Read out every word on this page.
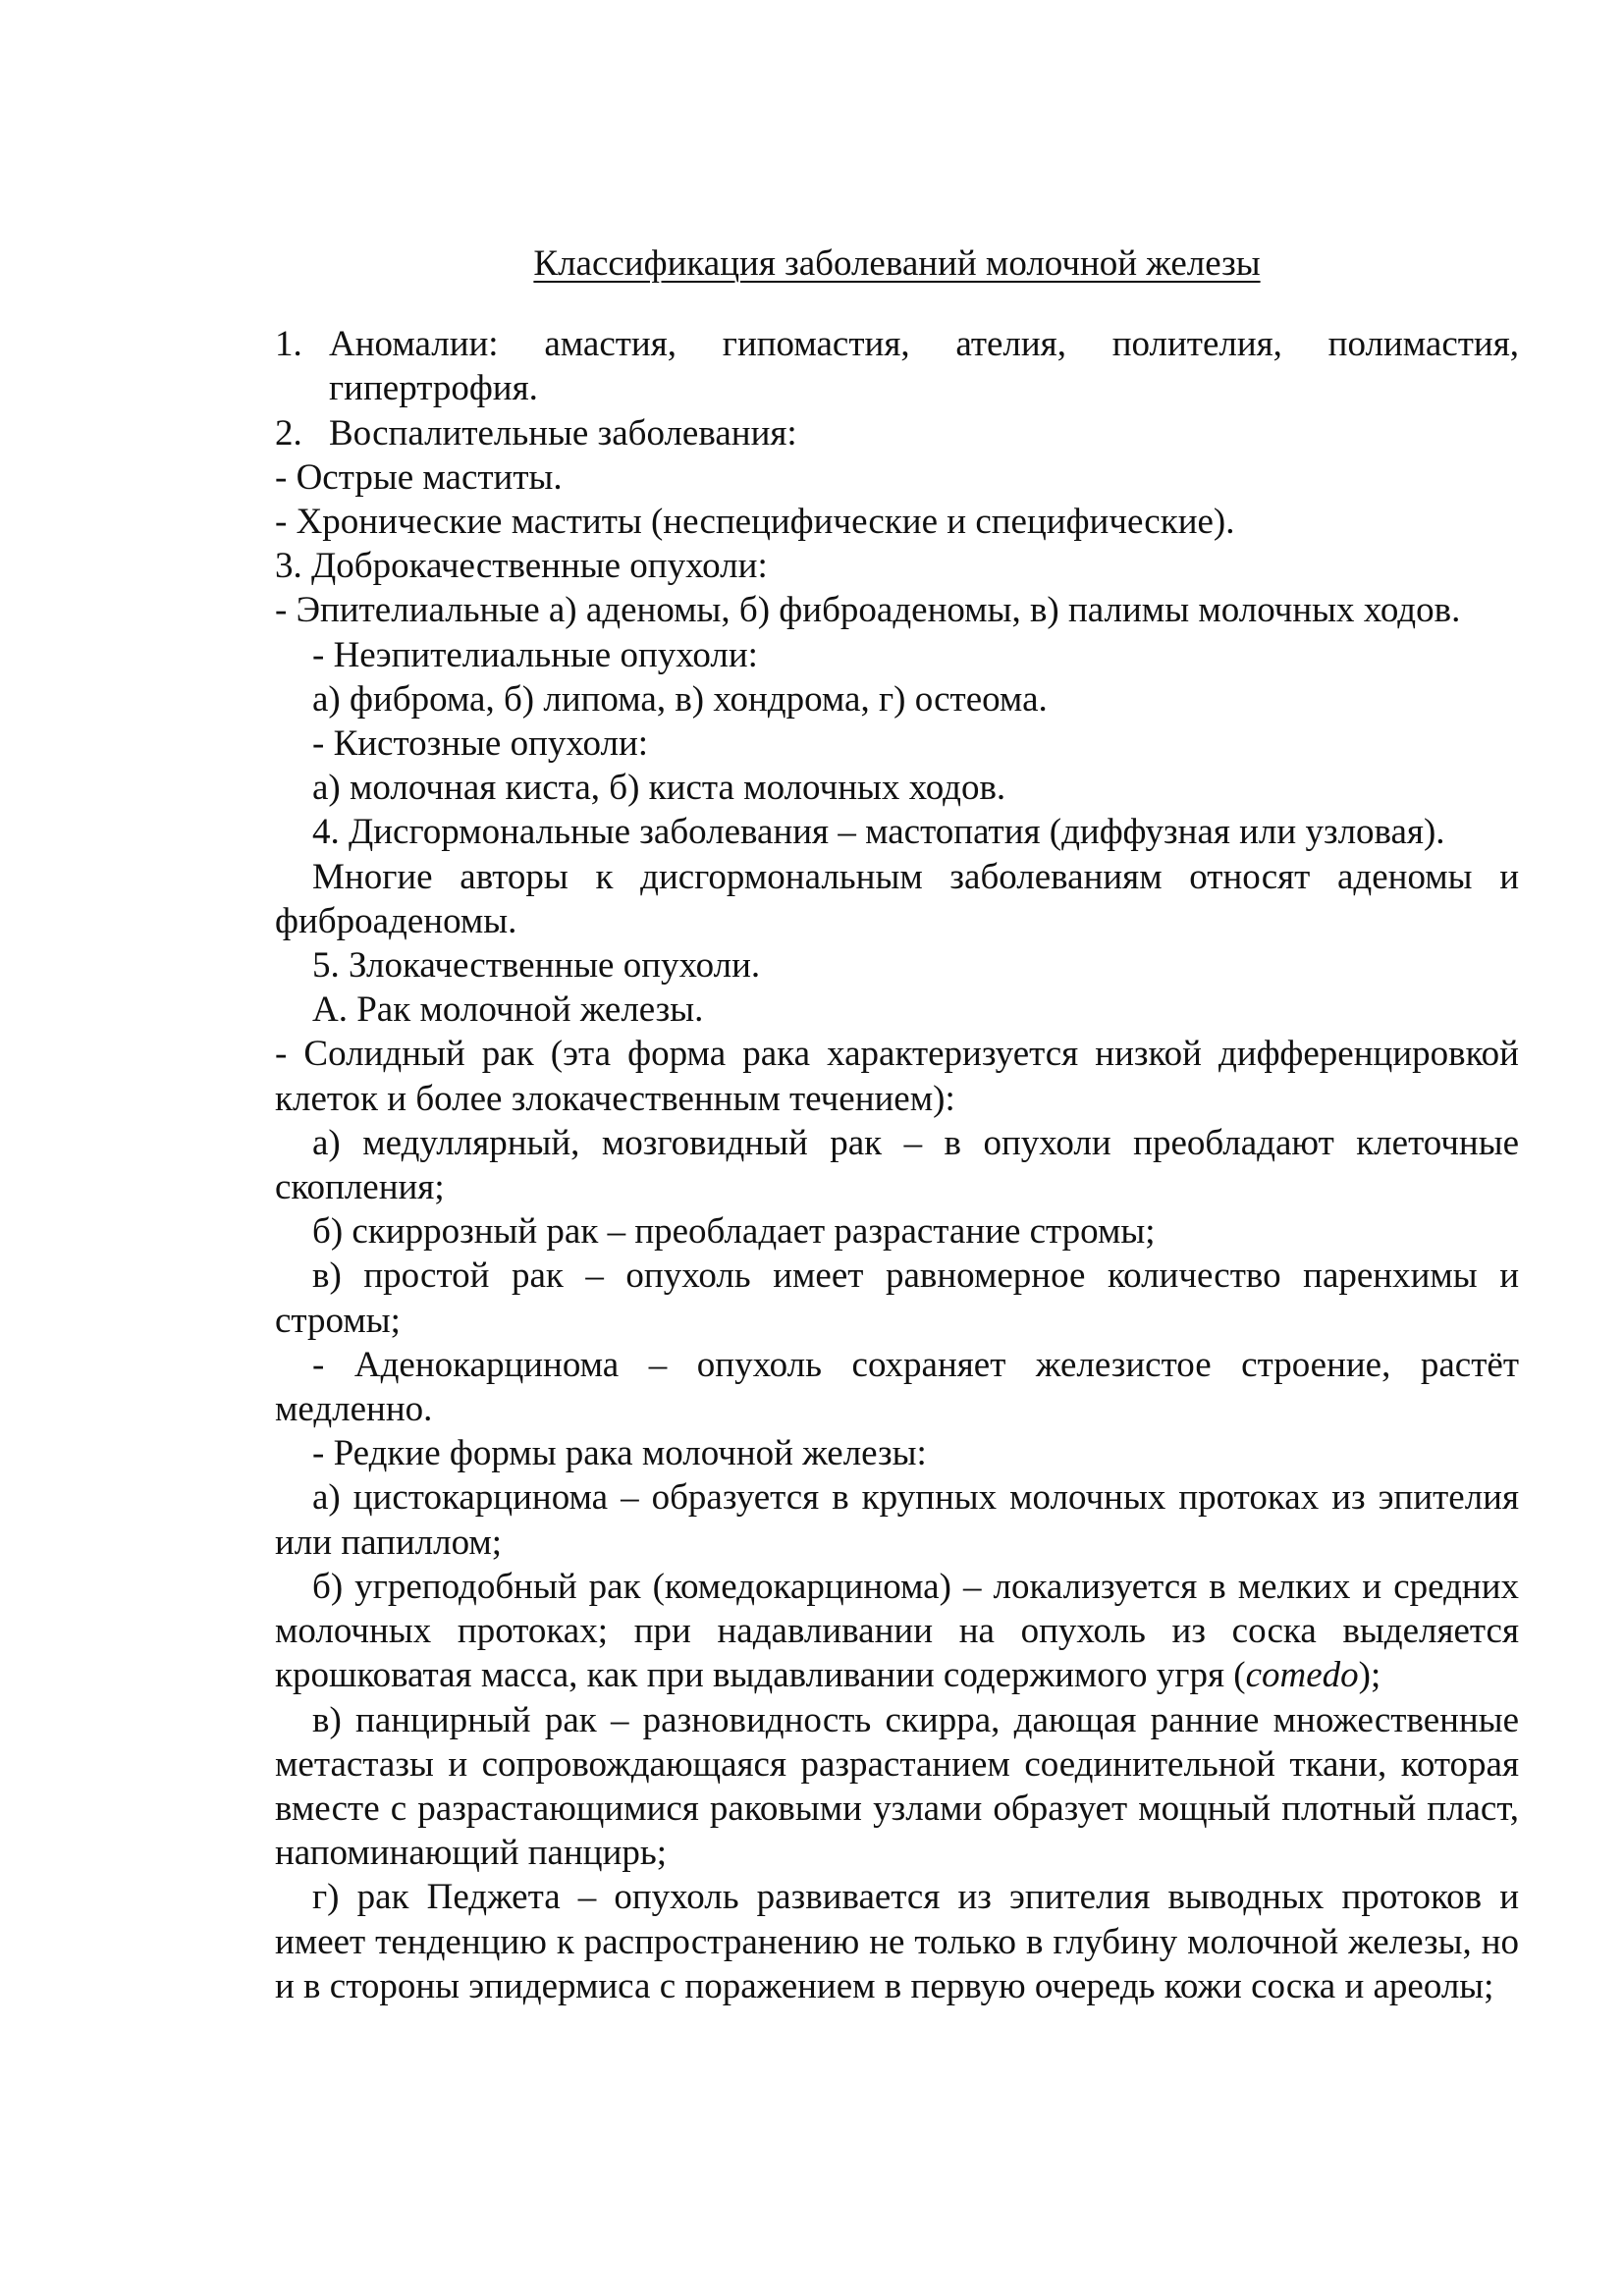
Классификация заболеваний молочной железы
1. Аномалии: амастия, гипомастия, ателия, полителия, полимастия, гипертрофия.
2. Воспалительные заболевания:

- Острые маститы.

- Хронические маститы (неспецифические и специфические).

3. Доброкачественные опухоли:

- Эпителиальные а) аденомы, б) фиброаденомы, в) палимы молочных ходов.

- Неэпителиальные опухоли:

а) фиброма, б) липома, в) хондрома, г) остеома.

- Кистозные опухоли:

а) молочная киста, б) киста молочных ходов.

4. Дисгормональные заболевания – мастопатия (диффузная или узловая).

Многие авторы к дисгормональным заболеваниям относят аденомы и фиброаденомы.

5. Злокачественные опухоли.

А. Рак молочной железы.

- Солидный рак (эта форма рака характеризуется низкой дифференцировкой клеток и более злокачественным течением):

а) медуллярный, мозговидный рак – в опухоли преобладают клеточные скопления;

б) скиррозный рак – преобладает разрастание стромы;

в) простой рак – опухоль имеет равномерное количество паренхимы и стромы;

- Аденокарцинома – опухоль сохраняет железистое строение, растёт медленно.

- Редкие формы рака молочной железы:

а) цистокарцинома – образуется в крупных молочных протоках из эпителия или папиллом;

б) угреподобный рак (комедокарцинома) – локализуется в мелких и средних молочных протоках; при надавливании на опухоль из соска выделяется крошковатая масса, как при выдавливании содержимого угря (comedo);

в) панцирный рак – разновидность скирра, дающая ранние множественные метастазы и сопровождающаяся разрастанием соединительной ткани, которая вместе с разрастающимися раковыми узлами образует мощный плотный пласт, напоминающий панцирь;

г) рак Педжета – опухоль развивается из эпителия выводных протоков и имеет тенденцию к распространению не только в глубину молочной железы, но и в стороны эпидермиса с поражением в первую очередь кожи соска и ареолы;
